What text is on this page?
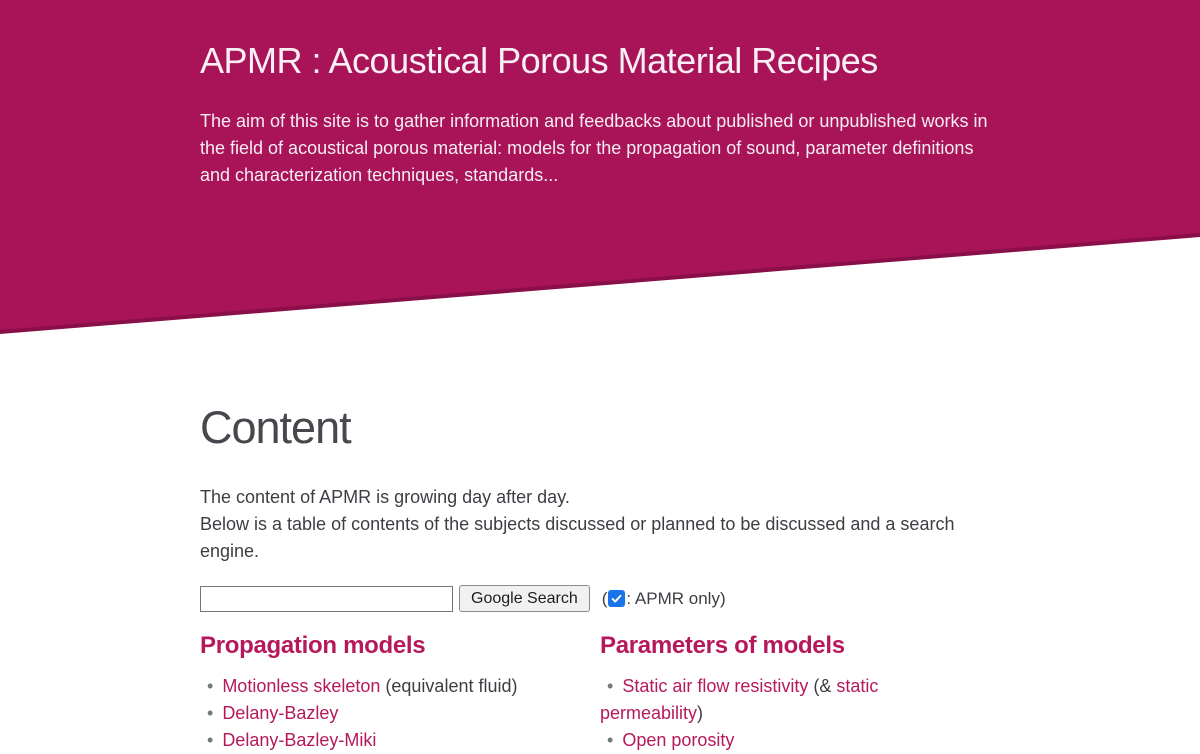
APMR : Acoustical Porous Material Recipes

The aim of this site is to gather information and feedbacks about published or unpublished works in the field of acoustical porous material: models for the propagation of sound, parameter definitions and characterization techniques, standards...

Content

The content of APMR is growing day after day.
Below is a table of contents of the subjects discussed or planned to be discussed and a search engine.

Google Search	( : APMR only)
Propagation models
• Motionless skeleton (equivalent fluid)
• Delany-Bazley
• Delany-Bazley-Miki
Parameters of models
• Static air flow resistivity (& static
permeability)
• Open porosity
